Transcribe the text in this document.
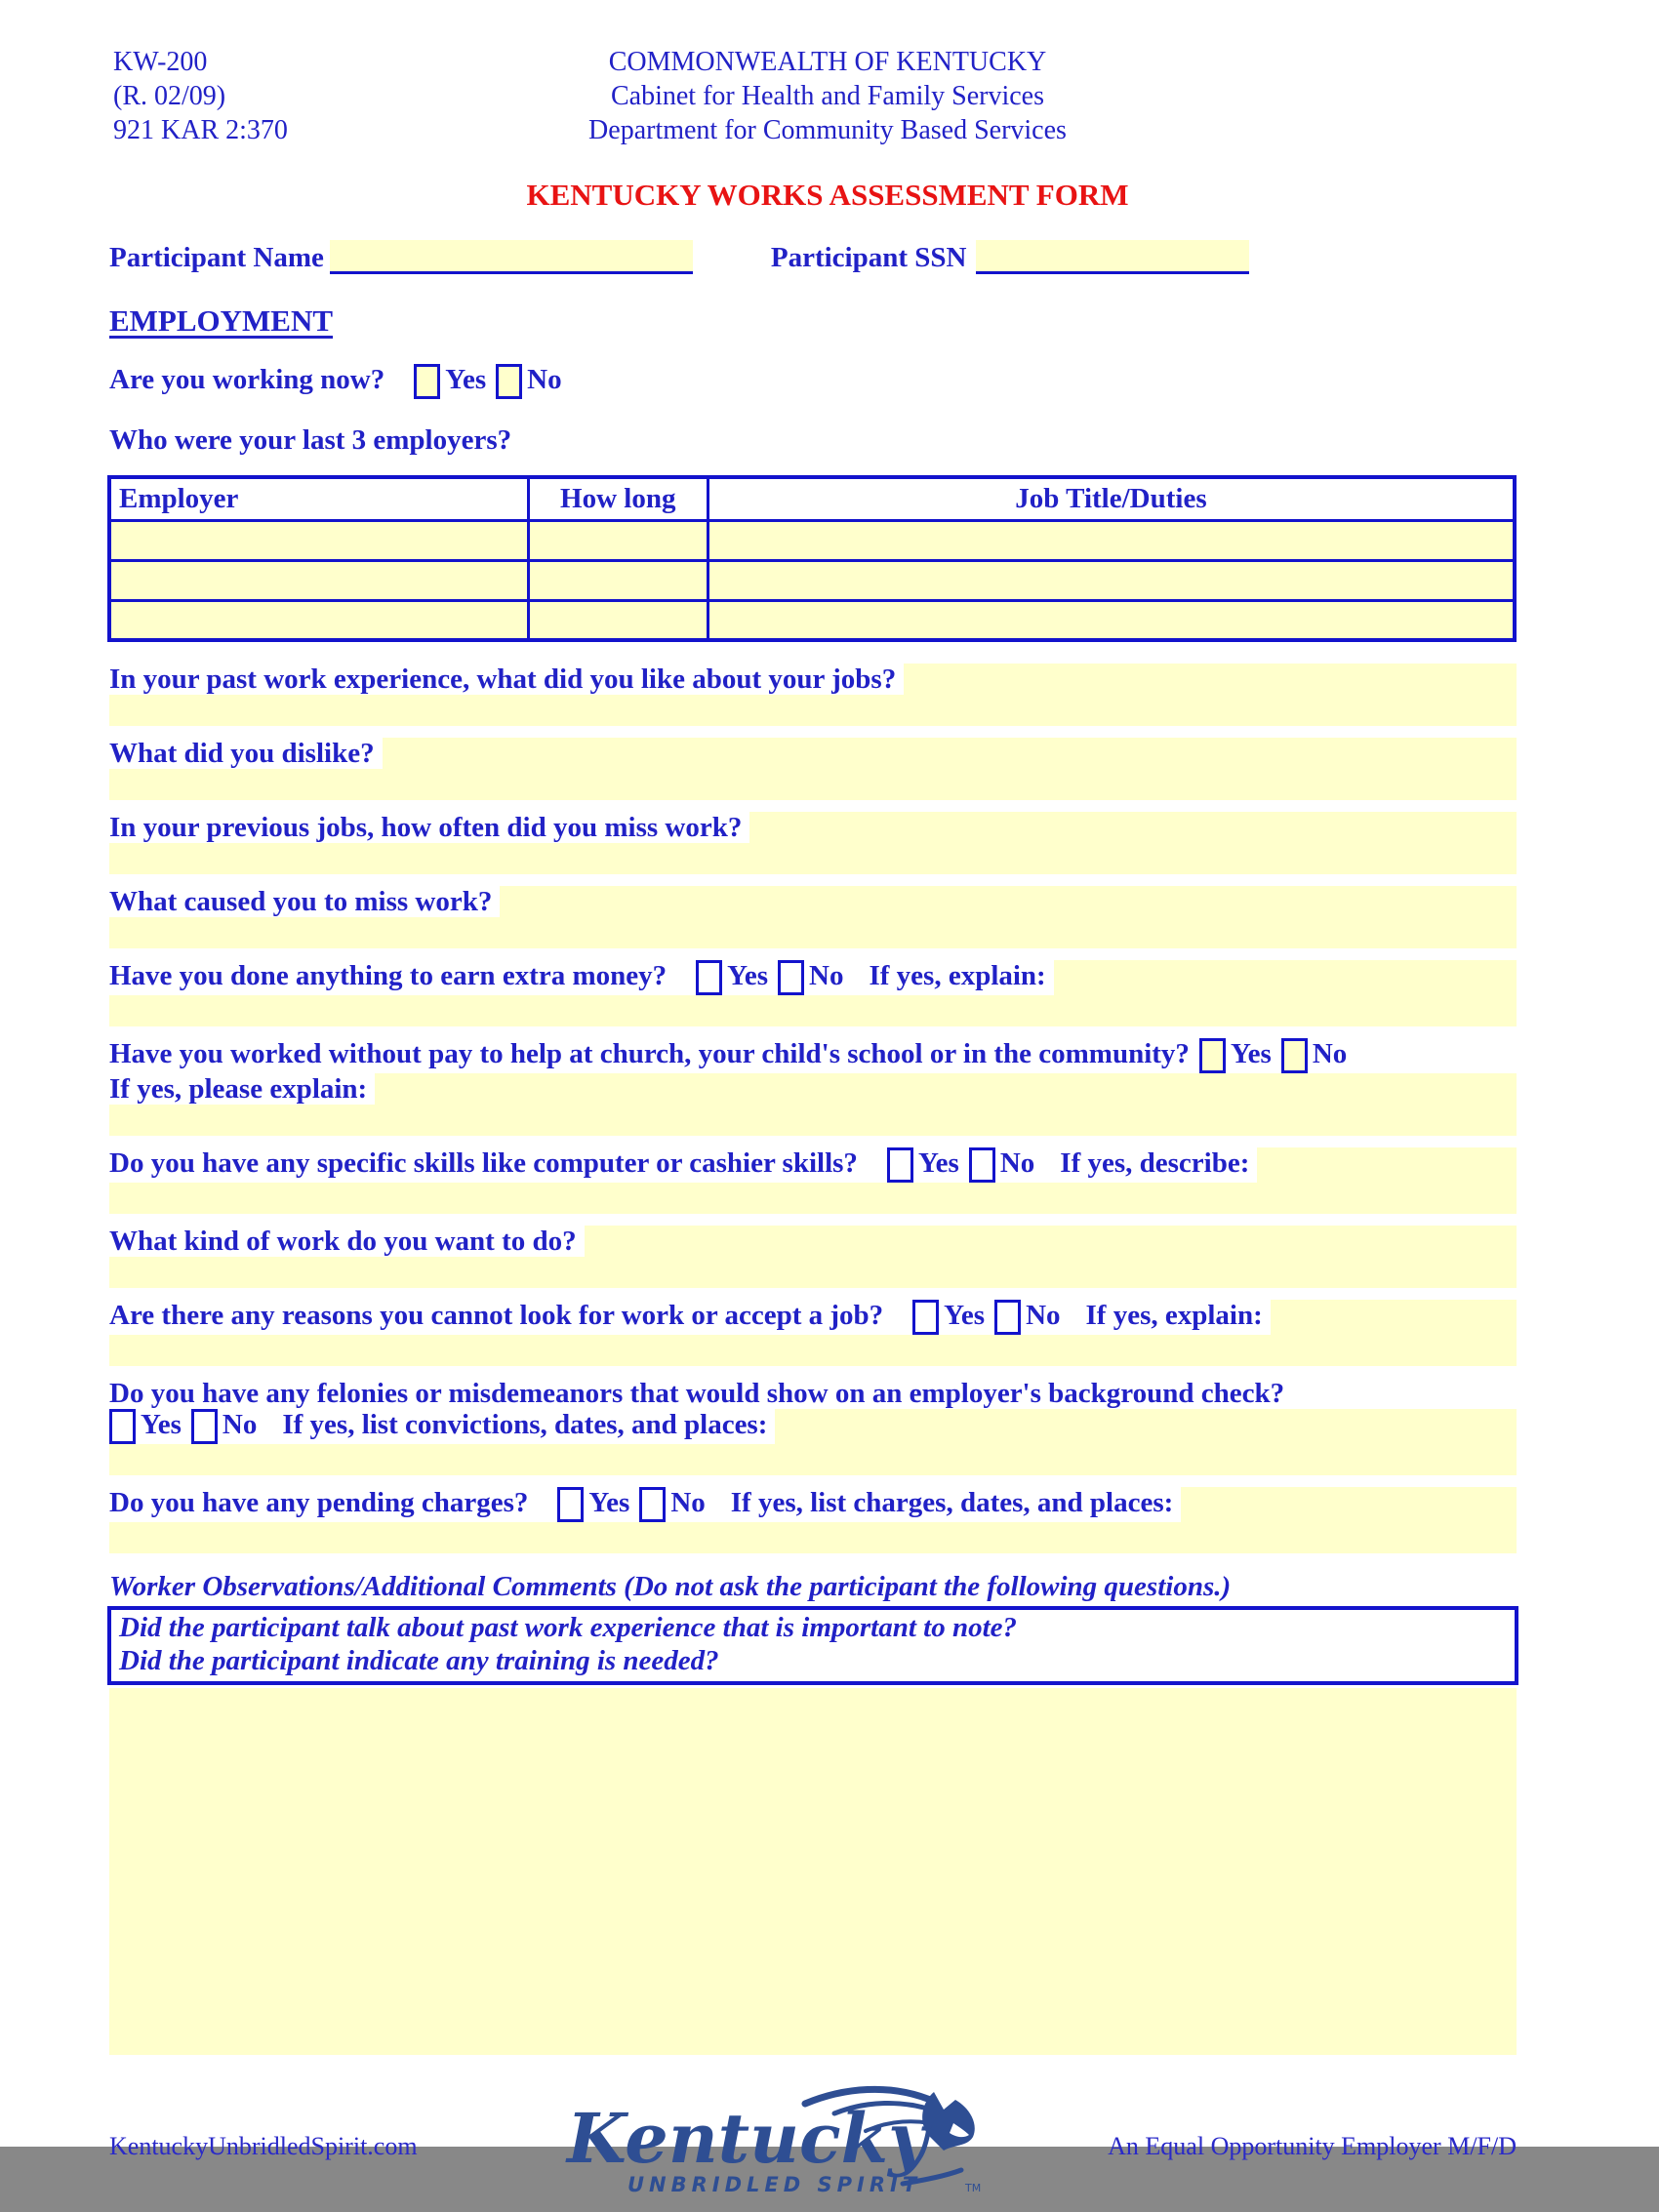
KW-200
(R. 02/09)
921 KAR 2:370
COMMONWEALTH OF KENTUCKY
Cabinet for Health and Family Services
Department for Community Based Services
KENTUCKY WORKS ASSESSMENT FORM
Participant Name	Participant SSN
EMPLOYMENT
Are you working now? Yes No
Who were your last 3 employers?
Employer	How long	Job Title/Duties

In your past work experience, what did you like about your jobs?
What did you dislike?
In your previous jobs, how often did you miss work?
What caused you to miss work?
Have you done anything to earn extra money? Yes No If yes, explain:
Have you worked without pay to help at church, your child's school or in the community? Yes No
If yes, please explain:
Do you have any specific skills like computer or cashier skills? Yes No If yes, describe:
What kind of work do you want to do?
Are there any reasons you cannot look for work or accept a job? Yes No If yes, explain:
Do you have any felonies or misdemeanors that would show on an employer's background check?
Yes No If yes, list convictions, dates, and places:
Do you have any pending charges? Yes No If yes, list charges, dates, and places:
Worker Observations/Additional Comments (Do not ask the participant the following questions.)
Did the participant talk about past work experience that is important to note?
Did the participant indicate any training is needed?
KentuckyUnbridledSpirit.com	Kentucky
UNBRIDLED SPIRIT	TM
An Equal Opportunity Employer M/F/D
